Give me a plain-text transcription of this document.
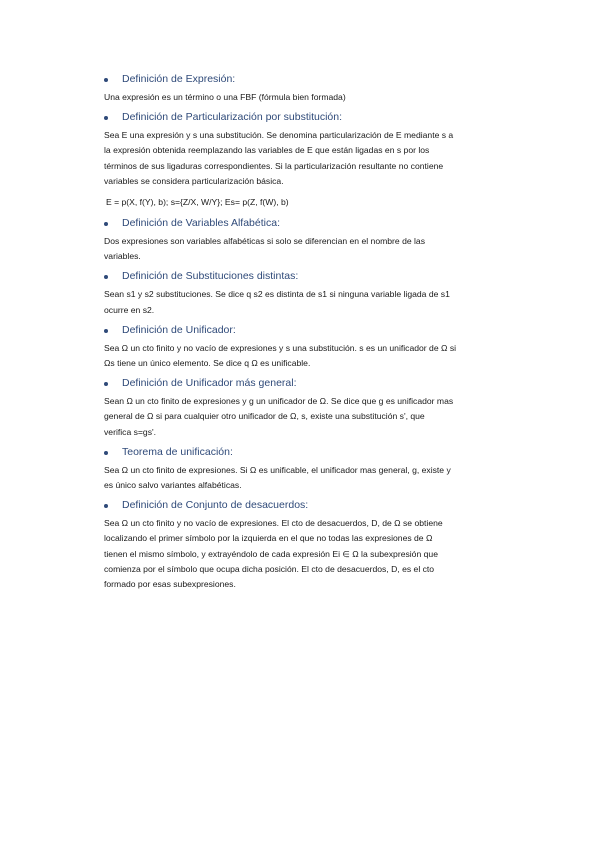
Definición de Expresión:
Una expresión es un término o una FBF (fórmula bien formada)
Definición de Particularización por substitución:
Sea E una expresión y s una substitución. Se denomina particularización de E mediante s a
la expresión obtenida reemplazando las variables de E que están ligadas en s por los
términos de sus ligaduras correspondientes. Si la particularización resultante no contiene
variables se considera particularización básica.
E = p(X, f(Y), b); s={Z/X, W/Y}; Es= p(Z, f(W), b)
Definición de Variables Alfabética:
Dos expresiones son variables alfabéticas si solo se diferencian en el nombre de las
variables.
Definición de Substituciones distintas:
Sean s1 y s2 substituciones. Se dice q s2 es distinta de s1 si ninguna variable ligada de s1
ocurre en s2.
Definición de Unificador:
Sea Ω un cto finito y no vacío de expresiones y s una substitución. s es un unificador de Ω si
Ωs tiene un único elemento. Se dice q Ω es unificable.
Definición de Unificador más general:
Sean Ω un cto finito de expresiones y g un unificador de Ω. Se dice que g es unificador mas
general de Ω si para cualquier otro unificador de Ω, s, existe una substitución s', que
verifica s=gs'.
Teorema de unificación:
Sea Ω un cto finito de expresiones. Si Ω es unificable, el unificador mas general, g, existe y
es único salvo variantes alfabéticas.
Definición de Conjunto de desacuerdos:
Sea Ω un cto finito y no vacío de expresiones. El cto de desacuerdos, D, de Ω se obtiene
localizando el primer símbolo por la izquierda en el que no todas las expresiones de Ω
tienen el mismo símbolo, y extrayéndolo de cada expresión Ei ∈ Ω la subexpresión que
comienza por el símbolo que ocupa dicha posición. El cto de desacuerdos, D, es el cto
formado por esas subexpresiones.
